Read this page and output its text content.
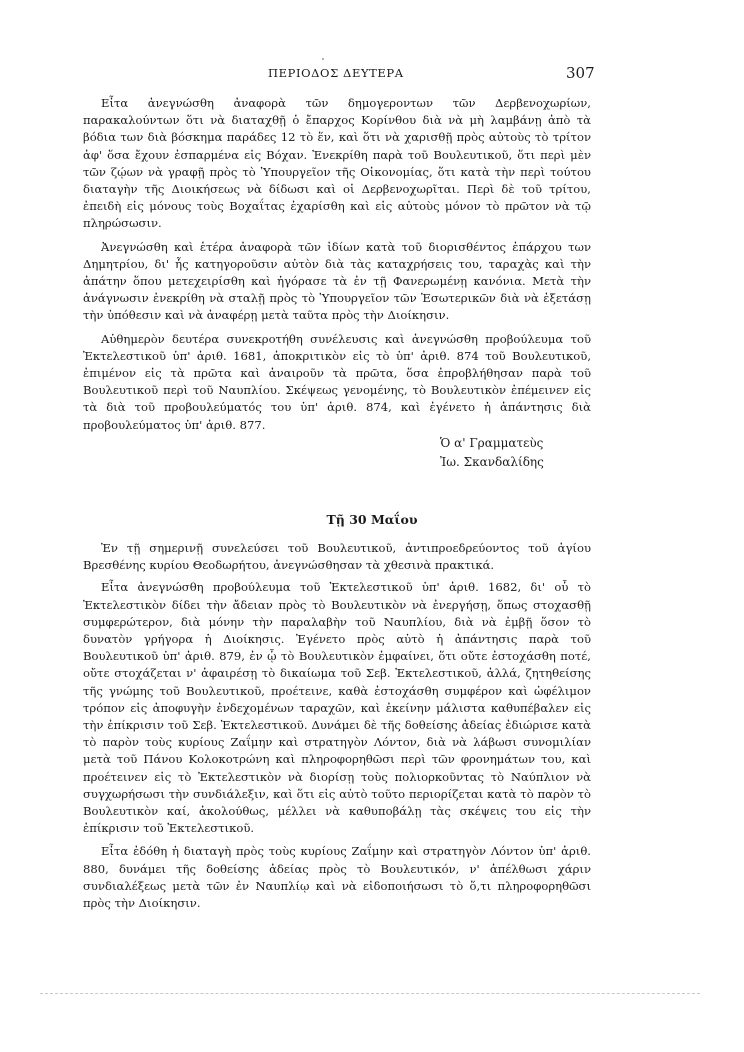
ΠΕΡΙΟΔΟΣ ΔΕΥΤΕΡΑ	307

Εἶτα ἀνεγνώσθη ἀναφορὰ τῶν δημογεροντων τῶν Δερβενοχωρίων, παρακαλούντων ὅτι νὰ διαταχθῇ ὁ ἔπαρχος Κορίνθου διὰ νὰ μὴ λαμβάνῃ ἀπὸ τὰ βόδια των διὰ βόσκημα παράδες 12 τὸ ἕν, καὶ ὅτι νὰ χαρισθῇ πρὸς αὐτοὺς τὸ τρίτον ἀφ' ὅσα ἔχουν ἐσπαρμένα εἰς Βόχαν. Ἐνεκρίθη παρὰ τοῦ Βουλευτικοῦ, ὅτι περὶ μὲν τῶν ζῴων νὰ γραφῇ πρὸς τὸ Ὑπουργεῖον τῆς Οἰκονομίας, ὅτι κατὰ τὴν περὶ τούτου διαταγὴν τῆς Διοικήσεως νὰ δίδωσι καὶ οἱ Δερβενοχωρῖται. Περὶ δὲ τοῦ τρίτου, ἐπειδὴ εἰς μόνους τοὺς Βοχαΐτας ἐχαρίσθη καὶ εἰς αὐτοὺς μόνον τὸ πρῶτον νὰ τῷ πληρώσωσιν.

Ἀνεγνώσθη καὶ ἑτέρα ἀναφορὰ τῶν ἰδίων κατὰ τοῦ διορισθέντος ἐπάρχου των Δημητρίου, δι' ἧς κατηγοροῦσιν αὐτὸν διὰ τὰς καταχρήσεις του, ταραχὰς καὶ τὴν ἀπάτην ὅπου μετεχειρίσθη καὶ ἠγόρασε τὰ ἐν τῇ Φανερωμένῃ κανόνια. Μετὰ τὴν ἀνάγνωσιν ἐνεκρίθη νὰ σταλῇ πρὸς τὸ Ὑπουργεῖον τῶν Ἐσωτερικῶν διὰ νὰ ἐξετάσῃ τὴν ὑπόθεσιν καὶ νὰ ἀναφέρῃ μετὰ ταῦτα πρὸς τὴν Διοίκησιν.

Αὐθημερὸν δευτέρα συνεκροτήθη συνέλευσις καὶ ἀνεγνώσθη προβούλευμα τοῦ Ἐκτελεστικοῦ ὑπ' ἀριθ. 1681, ἀποκριτικὸν εἰς τὸ ὑπ' ἀριθ. 874 τοῦ Βουλευτικοῦ, ἐπιμένον εἰς τὰ πρῶτα καὶ ἀναιροῦν τὰ πρῶτα, ὅσα ἐπροβλήθησαν παρὰ τοῦ Βουλευτικοῦ περὶ τοῦ Ναυπλίου. Σκέψεως γενομένης, τὸ Βουλευτικὸν ἐπέμεινεν εἰς τὰ διὰ τοῦ προβουλεύματός του ὑπ' ἀριθ. 874, καὶ ἐγένετο ἡ ἀπάντησις διὰ προβουλεύματος ὑπ' ἀριθ. 877.

Ὁ α' Γραμματεὺς
Ἰω. Σκανδαλίδης
Τῇ 30 Μαΐου

Ἐν τῇ σημερινῇ συνελεύσει τοῦ Βουλευτικοῦ, ἀντιπροεδρεύοντος τοῦ ἁγίου Βρεσθένης κυρίου Θεοδωρήτου, ἀνεγνώσθησαν τὰ χθεσινὰ πρακτικά.

Εἶτα ἀνεγνώσθη προβούλευμα τοῦ Ἐκτελεστικοῦ ὑπ' ἀριθ. 1682, δι' οὗ τὸ Ἐκτελεστικὸν δίδει τὴν ἄδειαν πρὸς τὸ Βουλευτικὸν νὰ ἐνεργήσῃ, ὅπως στοχασθῇ συμφερώτερον, διὰ μόνην τὴν παραλαβὴν τοῦ Ναυπλίου, διὰ νὰ ἐμβῇ ὅσον τὸ δυνατὸν γρήγορα ἡ Διοίκησις. Ἐγένετο πρὸς αὐτὸ ἡ ἀπάντησις παρὰ τοῦ Βουλευτικοῦ ὑπ' ἀριθ. 879, ἐν ᾧ τὸ Βουλευτικὸν ἐμφαίνει, ὅτι οὔτε ἐστοχάσθη ποτέ, οὔτε στοχάζεται ν' ἀφαιρέσῃ τὸ δικαίωμα τοῦ Σεβ. Ἐκτελεστικοῦ, ἀλλά, ζητηθείσης τῆς γνώμης τοῦ Βουλευτικοῦ, προέτεινε, καθὰ ἐστοχάσθη συμφέρον καὶ ὠφέλιμον τρόπον εἰς ἀποφυγὴν ἐνδεχομένων ταραχῶν, καὶ ἐκείνην μάλιστα καθυπέβαλεν εἰς τὴν ἐπίκρισιν τοῦ Σεβ. Ἐκτελεστικοῦ. Δυνάμει δὲ τῆς δοθείσης ἀδείας ἐδιώρισε κατὰ τὸ παρὸν τοὺς κυρίους Ζαΐμην καὶ στρατηγὸν Λόντον, διὰ νὰ λάβωσι συνομιλίαν μετὰ τοῦ Πάνου Κολοκοτρώνη καὶ πληροφορηθῶσι περὶ τῶν φρονημάτων του, καὶ προέτεινεν εἰς τὸ Ἐκτελεστικὸν νὰ διορίσῃ τοὺς πολιορκοῦντας τὸ Ναύπλιον νὰ συγχωρήσωσι τὴν συνδιάλεξιν, καὶ ὅτι εἰς αὐτὸ τοῦτο περιορίζεται κατὰ τὸ παρὸν τὸ Βουλευτικὸν καί, ἀκολούθως, μέλλει νὰ καθυποβάλῃ τὰς σκέψεις του εἰς τὴν ἐπίκρισιν τοῦ Ἐκτελεστικοῦ.

Εἶτα ἐδόθη ἡ διαταγὴ πρὸς τοὺς κυρίους Ζαΐμην καὶ στρατηγὸν Λόντον ὑπ' ἀριθ. 880, δυνάμει τῆς δοθείσης ἀδείας πρὸς τὸ Βουλευτικόν, ν' ἀπέλθωσι χάριν συνδιαλέξεως μετὰ τῶν ἐν Ναυπλίῳ καὶ νὰ εἰδοποιήσωσι τὸ ὅ,τι πληροφορηθῶσι πρὸς τὴν Διοίκησιν.
